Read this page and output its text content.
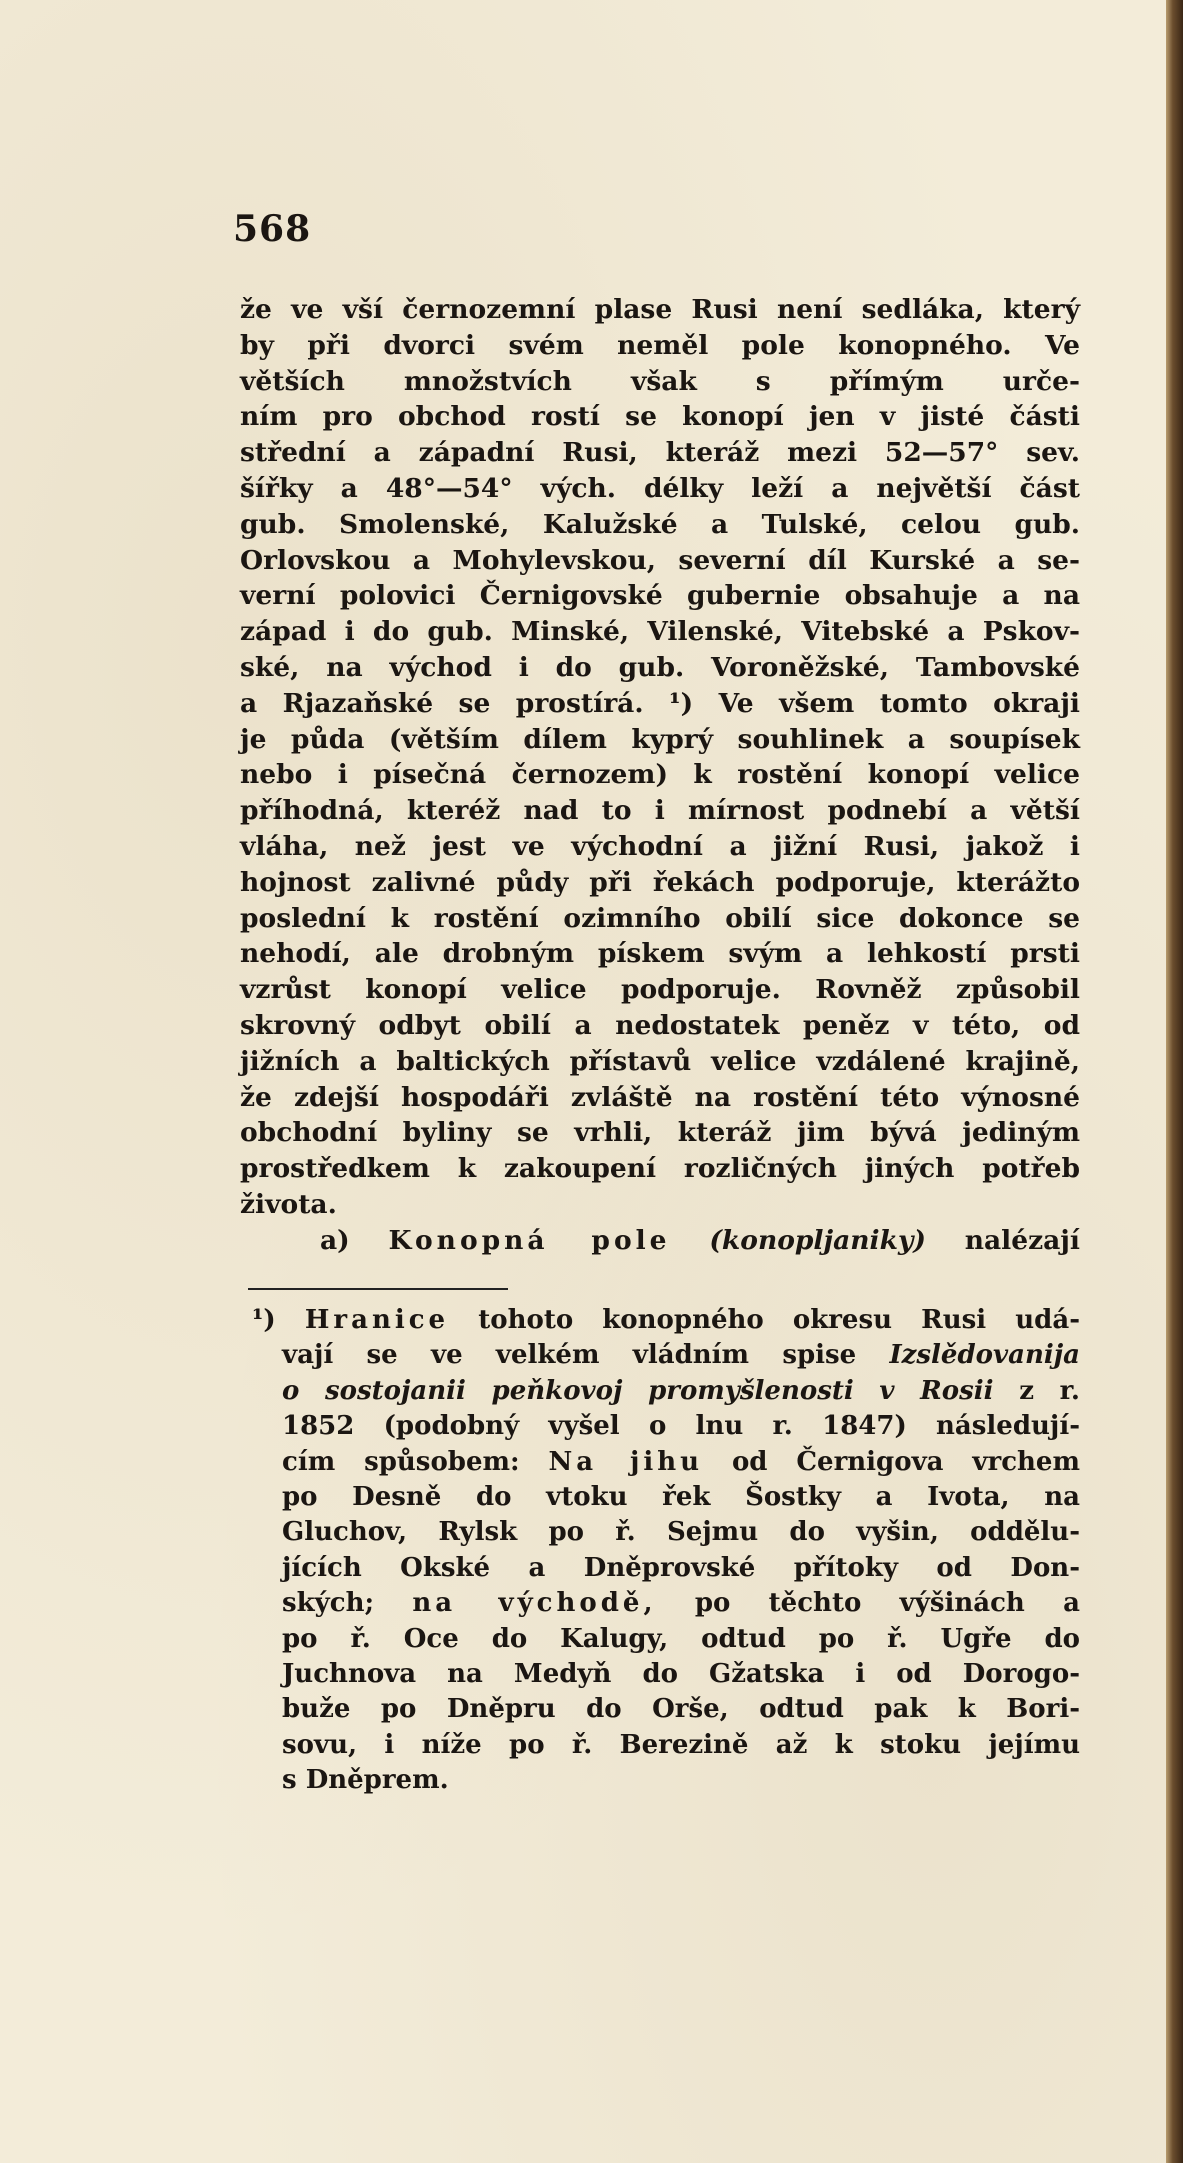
568
že ve vší černozemní plase Rusi není sedláka, který
by při dvorci svém neměl pole konopného. Ve
větších množstvích však s přímým urče-
ním pro obchod rostí se konopí jen v jisté části
střední a západní Rusi, kteráž mezi 52—57° sev.
šířky a 48°—54° vých. délky leží a největší část
gub. Smolenské, Kalužské a Tulské, celou gub.
Orlovskou a Mohylevskou, severní díl Kurské a se-
verní polovici Černigovské gubernie obsahuje a na
západ i do gub. Minské, Vilenské, Vitebské a Pskov-
ské, na východ i do gub. Voroněžské, Tambovské
a Rjazaňské se prostírá. ¹) Ve všem tomto okraji
je půda (větším dílem kyprý souhlinek a soupísek
nebo i písečná černozem) k rostění konopí velice
příhodná, kteréž nad to i mírnost podnebí a větší
vláha, než jest ve východní a jižní Rusi, jakož i
hojnost zalivné půdy při řekách podporuje, kterážto
poslední k rostění ozimního obilí sice dokonce se
nehodí, ale drobným pískem svým a lehkostí prsti
vzrůst konopí velice podporuje. Rovněž způsobil
skrovný odbyt obilí a nedostatek peněz v této, od
jižních a baltických přístavů velice vzdálené krajině,
že zdejší hospodáři zvláště na rostění této výnosné
obchodní byliny se vrhli, kteráž jim bývá jediným
prostředkem k zakoupení rozličných jiných potřeb
života.
a) Konopná pole (konopljaniky) nalézají
¹) Hranice tohoto konopného okresu Rusi udá-
vají se ve velkém vládním spise Izslědovanija
o sostojanii peňkovoj promyšlenosti v Rosii z r.
1852 (podobný vyšel o lnu r. 1847) následují-
cím spůsobem: Na jihu od Černigova vrchem
po Desně do vtoku řek Šostky a Ivota, na
Gluchov, Rylsk po ř. Sejmu do vyšin, oddělu-
jících Okské a Dněprovské přítoky od Don-
ských; na východě, po těchto výšinách a
po ř. Oce do Kalugy, odtud po ř. Ugře do
Juchnova na Medyň do Gžatska i od Dorogo-
buže po Dněpru do Orše, odtud pak k Bori-
sovu, i níže po ř. Berezině až k stoku jejímu
s Dněprem.
